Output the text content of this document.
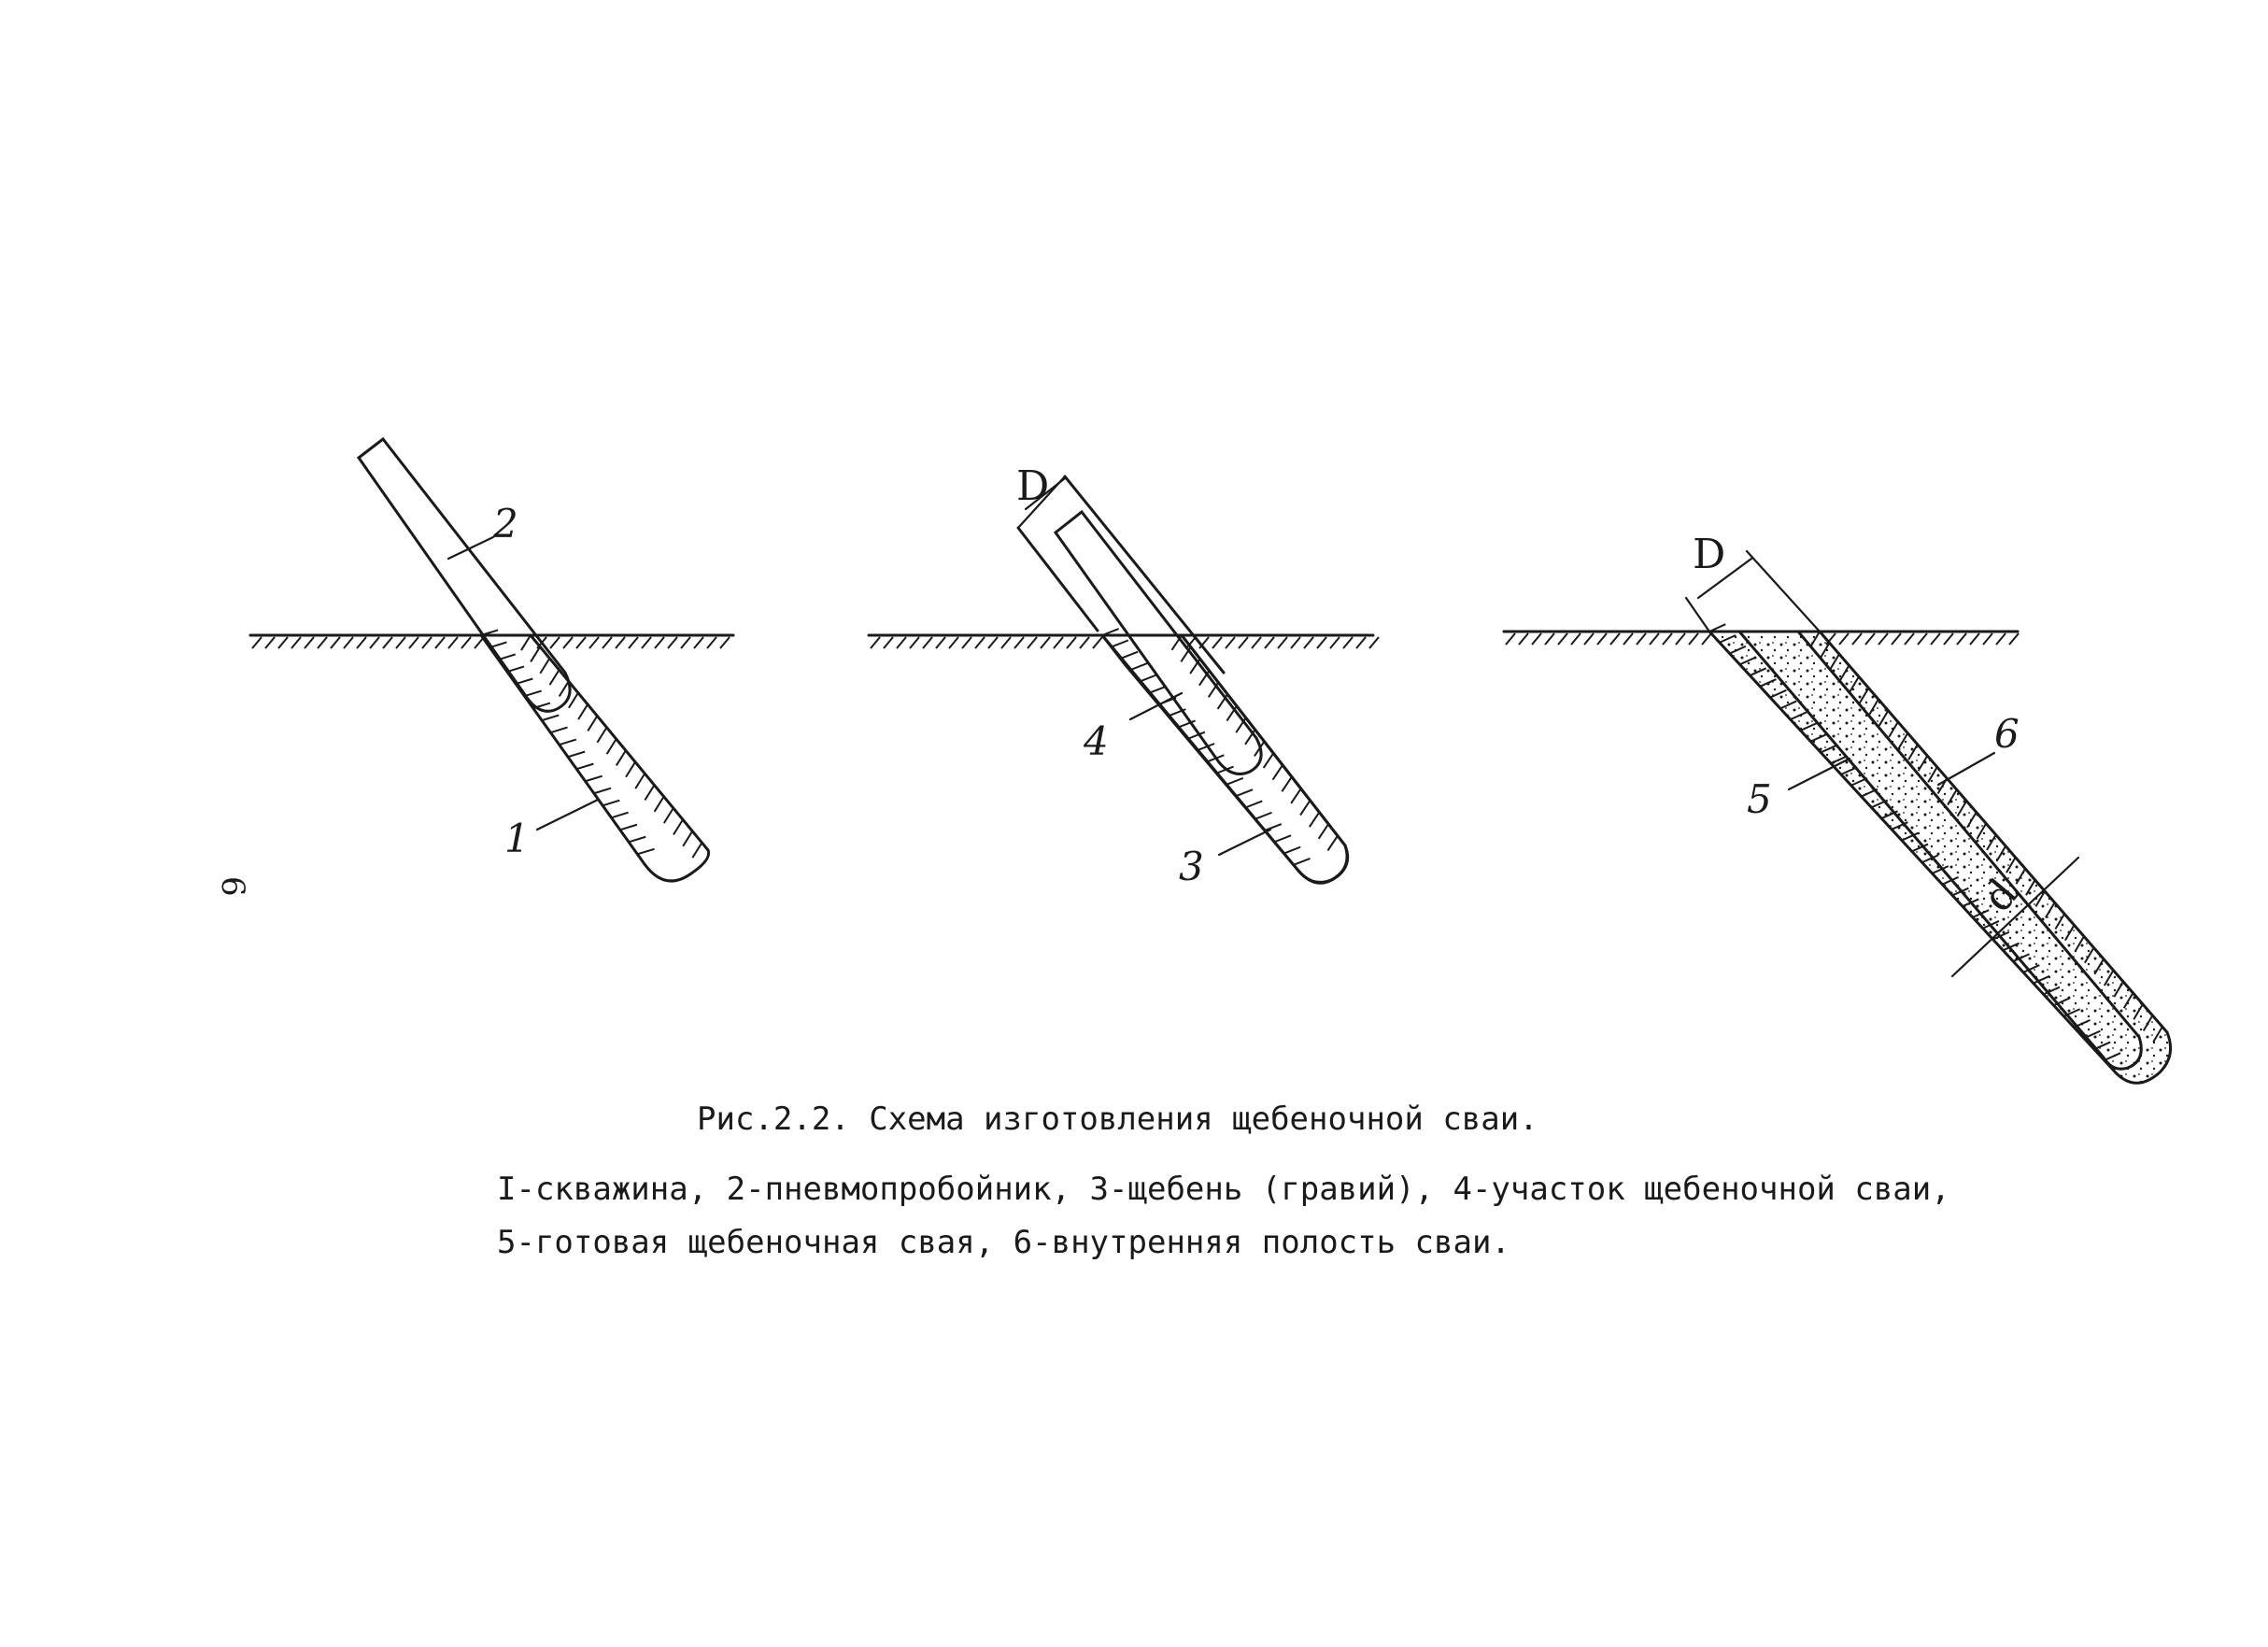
2
1
D
4
3
D
d
6
5
6
Рис.2.2. Схема изготовления щебеночной сваи.
I-скважина, 2-пневмопробойник, 3-щебень (гравий), 4-участок щебеночной сваи,
5-готовая щебеночная свая, 6-внутренняя полость сваи.
